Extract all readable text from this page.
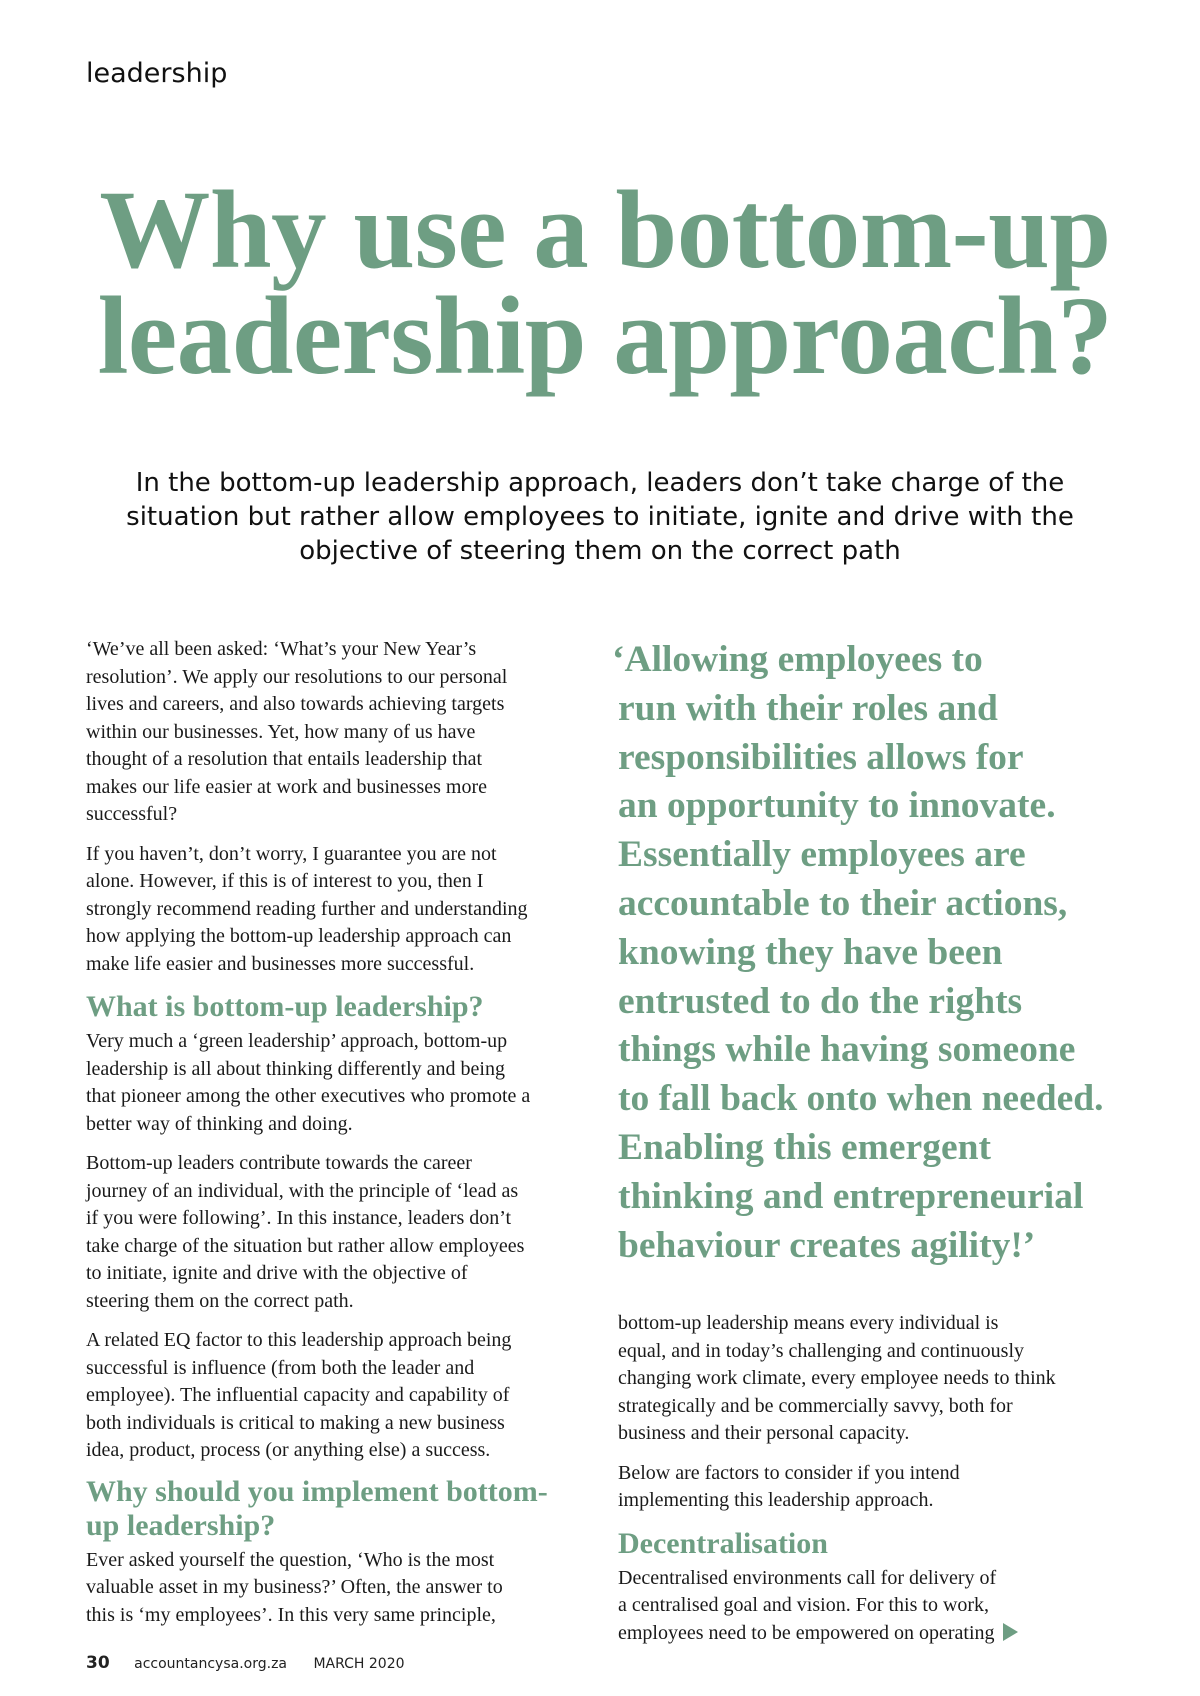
leadership
Why use a bottom-up
leadership approach?
In the bottom-up leadership approach, leaders don’t take charge of the
situation but rather allow employees to initiate, ignite and drive with the
objective of steering them on the correct path

‘We’ve all been asked: ‘What’s your New Year’s
resolution’. We apply our resolutions to our personal
lives and careers, and also towards achieving targets
within our businesses. Yet, how many of us have
thought of a resolution that entails leadership that
makes our life easier at work and businesses more
successful?

If you haven’t, don’t worry, I guarantee you are not
alone. However, if this is of interest to you, then I
strongly recommend reading further and understanding
how applying the bottom-up leadership approach can
make life easier and businesses more successful.

What is bottom-up leadership?

Very much a ‘green leadership’ approach, bottom-up
leadership is all about thinking differently and being
that pioneer among the other executives who promote a
better way of thinking and doing.

Bottom-up leaders contribute towards the career
journey of an individual, with the principle of ‘lead as
if you were following’. In this instance, leaders don’t
take charge of the situation but rather allow employees
to initiate, ignite and drive with the objective of
steering them on the correct path.

A related EQ factor to this leadership approach being
successful is influence (from both the leader and
employee). The influential capacity and capability of
both individuals is critical to making a new business
idea, product, process (or anything else) a success.

Why should you implement bottom-
up leadership?

Ever asked yourself the question, ‘Who is the most
valuable asset in my business?’ Often, the answer to
this is ‘my employees’. In this very same principle,

‘Allowing employees to
run with their roles and
responsibilities allows for
an opportunity to innovate.
Essentially employees are
accountable to their actions,
knowing they have been
entrusted to do the rights
things while having someone
to fall back onto when needed.
Enabling this emergent
thinking and entrepreneurial
behaviour creates agility!’

bottom-up leadership means every individual is
equal, and in today’s challenging and continuously
changing work climate, every employee needs to think
strategically and be commercially savvy, both for
business and their personal capacity.

Below are factors to consider if you intend
implementing this leadership approach.

Decentralisation

Decentralised environments call for delivery of
a centralised goal and vision. For this to work,
employees need to be empowered on operating

30 accountancysa.org.za MARCH 2020
